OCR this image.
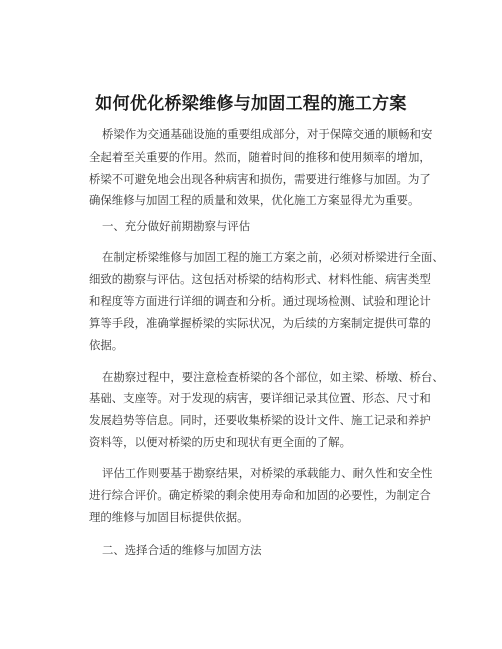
如何优化桥梁维修与加固工程的施工方案

桥梁作为交通基础设施的重要组成部分，对于保障交通的顺畅和安

全起着至关重要的作用。然而，随着时间的推移和使用频率的增加，

桥梁不可避免地会出现各种病害和损伤，需要进行维修与加固。为了

确保维修与加固工程的质量和效果，优化施工方案显得尤为重要。

一、充分做好前期勘察与评估

在制定桥梁维修与加固工程的施工方案之前，必须对桥梁进行全面、

细致的勘察与评估。这包括对桥梁的结构形式、材料性能、病害类型

和程度等方面进行详细的调查和分析。通过现场检测、试验和理论计

算等手段，准确掌握桥梁的实际状况，为后续的方案制定提供可靠的

依据。

在勘察过程中，要注意检查桥梁的各个部位，如主梁、桥墩、桥台、

基础、支座等。对于发现的病害，要详细记录其位置、形态、尺寸和

发展趋势等信息。同时，还要收集桥梁的设计文件、施工记录和养护

资料等，以便对桥梁的历史和现状有更全面的了解。

评估工作则要基于勘察结果，对桥梁的承载能力、耐久性和安全性

进行综合评价。确定桥梁的剩余使用寿命和加固的必要性，为制定合

理的维修与加固目标提供依据。

二、选择合适的维修与加固方法
